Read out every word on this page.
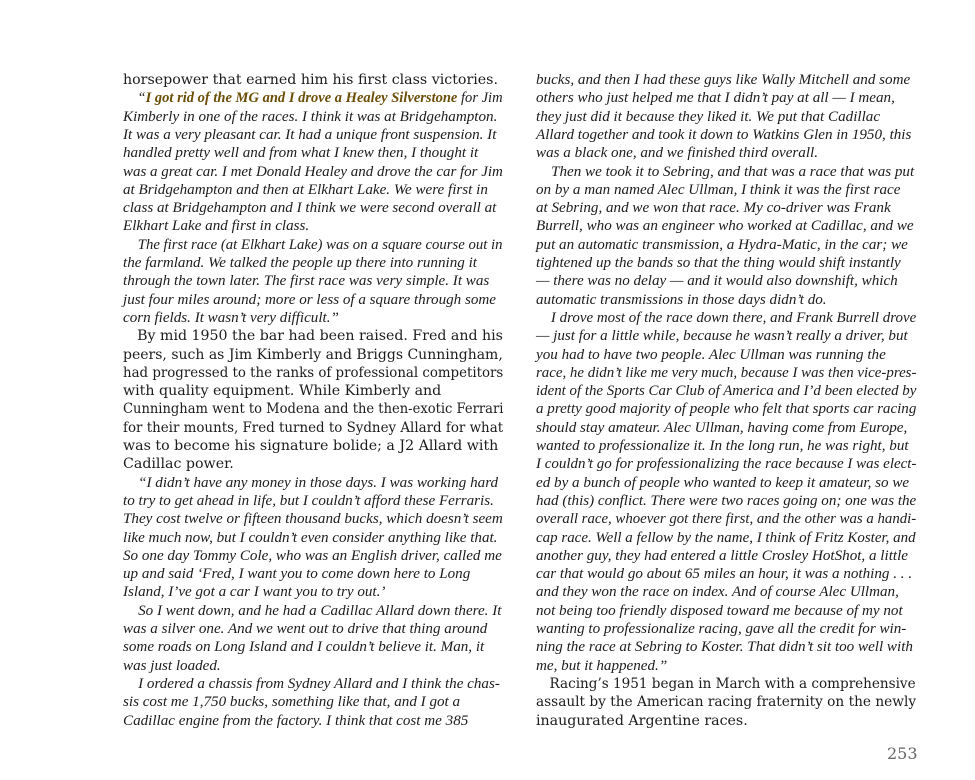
horsepower that earned him his first class victories.
 “I got rid of the MG and I drove a Healey Silverstone for Jim
Kimberly in one of the races. I think it was at Bridgehampton.
It was a very pleasant car. It had a unique front suspension. It
handled pretty well and from what I knew then, I thought it
was a great car. I met Donald Healey and drove the car for Jim
at Bridgehampton and then at Elkhart Lake. We were first in
class at Bridgehampton and I think we were second overall at
Elkhart Lake and first in class.
 The first race (at Elkhart Lake) was on a square course out in
the farmland. We talked the people up there into running it
through the town later. The first race was very simple. It was
just four miles around; more or less of a square through some
corn fields. It wasn’t very difficult.”
 By mid 1950 the bar had been raised. Fred and his
peers, such as Jim Kimberly and Briggs Cunningham,
had progressed to the ranks of professional competitors
with quality equipment. While Kimberly and
Cunningham went to Modena and the then-exotic Ferrari
for their mounts, Fred turned to Sydney Allard for what
was to become his signature bolide; a J2 Allard with
Cadillac power.
 “I didn’t have any money in those days. I was working hard
to try to get ahead in life, but I couldn’t afford these Ferraris.
They cost twelve or fifteen thousand bucks, which doesn’t seem
like much now, but I couldn’t even consider anything like that.
So one day Tommy Cole, who was an English driver, called me
up and said ‘Fred, I want you to come down here to Long
Island, I’ve got a car I want you to try out.’
 So I went down, and he had a Cadillac Allard down there. It
was a silver one. And we went out to drive that thing around
some roads on Long Island and I couldn’t believe it. Man, it
was just loaded.
 I ordered a chassis from Sydney Allard and I think the chas-
sis cost me 1,750 bucks, something like that, and I got a
Cadillac engine from the factory. I think that cost me 385
bucks, and then I had these guys like Wally Mitchell and some
others who just helped me that I didn’t pay at all — I mean,
they just did it because they liked it. We put that Cadillac
Allard together and took it down to Watkins Glen in 1950, this
was a black one, and we finished third overall.
 Then we took it to Sebring, and that was a race that was put
on by a man named Alec Ullman, I think it was the first race
at Sebring, and we won that race. My co-driver was Frank
Burrell, who was an engineer who worked at Cadillac, and we
put an automatic transmission, a Hydra-Matic, in the car; we
tightened up the bands so that the thing would shift instantly
— there was no delay — and it would also downshift, which
automatic transmissions in those days didn’t do.
 I drove most of the race down there, and Frank Burrell drove
— just for a little while, because he wasn’t really a driver, but
you had to have two people. Alec Ullman was running the
race, he didn’t like me very much, because I was then vice-pres-
ident of the Sports Car Club of America and I’d been elected by
a pretty good majority of people who felt that sports car racing
should stay amateur. Alec Ullman, having come from Europe,
wanted to professionalize it. In the long run, he was right, but
I couldn’t go for professionalizing the race because I was elect-
ed by a bunch of people who wanted to keep it amateur, so we
had (this) conflict. There were two races going on; one was the
overall race, whoever got there first, and the other was a handi-
cap race. Well a fellow by the name, I think of Fritz Koster, and
another guy, they had entered a little Crosley HotShot, a little
car that would go about 65 miles an hour, it was a nothing . . .
and they won the race on index. And of course Alec Ullman,
not being too friendly disposed toward me because of my not
wanting to professionalize racing, gave all the credit for win-
ning the race at Sebring to Koster. That didn’t sit too well with
me, but it happened.”
 Racing’s 1951 began in March with a comprehensive
assault by the American racing fraternity on the newly
inaugurated Argentine races.
253
